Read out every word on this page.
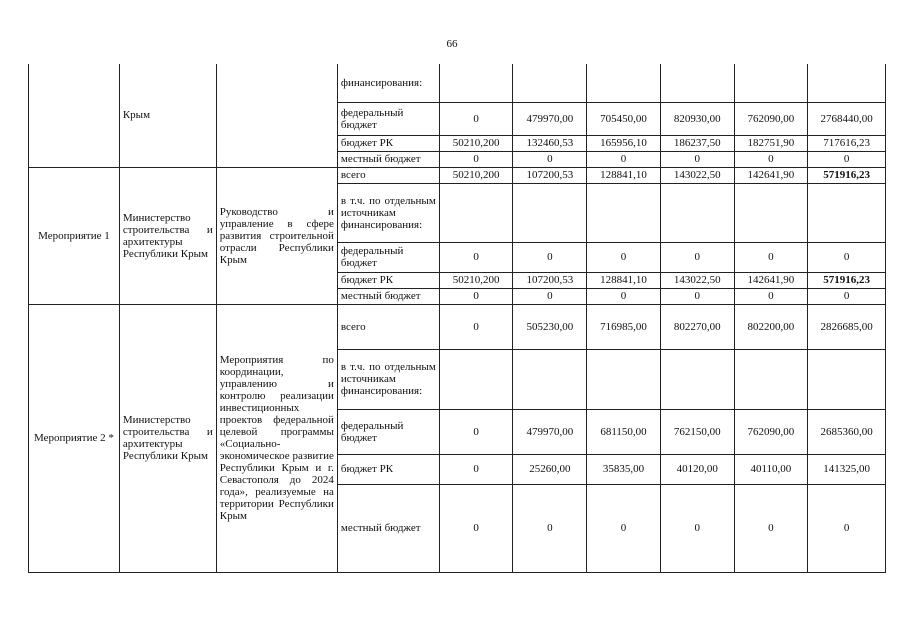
66
	Крым		финансирования:						
			федеральный бюджет	0	479970,00	705450,00	820930,00	762090,00	2768440,00
			бюджет РК	50210,200	132460,53	165956,10	186237,50	182751,90	717616,23
			местный бюджет	0	0	0	0	0	0
Мероприятие 1	Министерство строительства и архитектуры Республики Крым	Руководство и управление в сфере развития строительной отрасли Республики Крым	всего	50210,200	107200,53	128841,10	143022,50	142641,90	571916,23
			в т.ч. по отдельным источникам финансирования:						
			федеральный бюджет	0	0	0	0	0	0
			бюджет РК	50210,200	107200,53	128841,10	143022,50	142641,90	571916,23
			местный бюджет	0	0	0	0	0	0
Мероприятие 2 *	Министерство строительства и архитектуры Республики Крым	Мероприятия по координации, управлению и контролю реализации инвестиционных проектов федеральной целевой программы «Социально-экономическое развитие Республики Крым и г. Севастополя до 2024 года», реализуемые на территории Республики Крым	всего	0	505230,00	716985,00	802270,00	802200,00	2826685,00
			в т.ч. по отдельным источникам финансирования:						
			федеральный бюджет	0	479970,00	681150,00	762150,00	762090,00	2685360,00
			бюджет РК	0	25260,00	35835,00	40120,00	40110,00	141325,00
			местный бюджет	0	0	0	0	0	0
